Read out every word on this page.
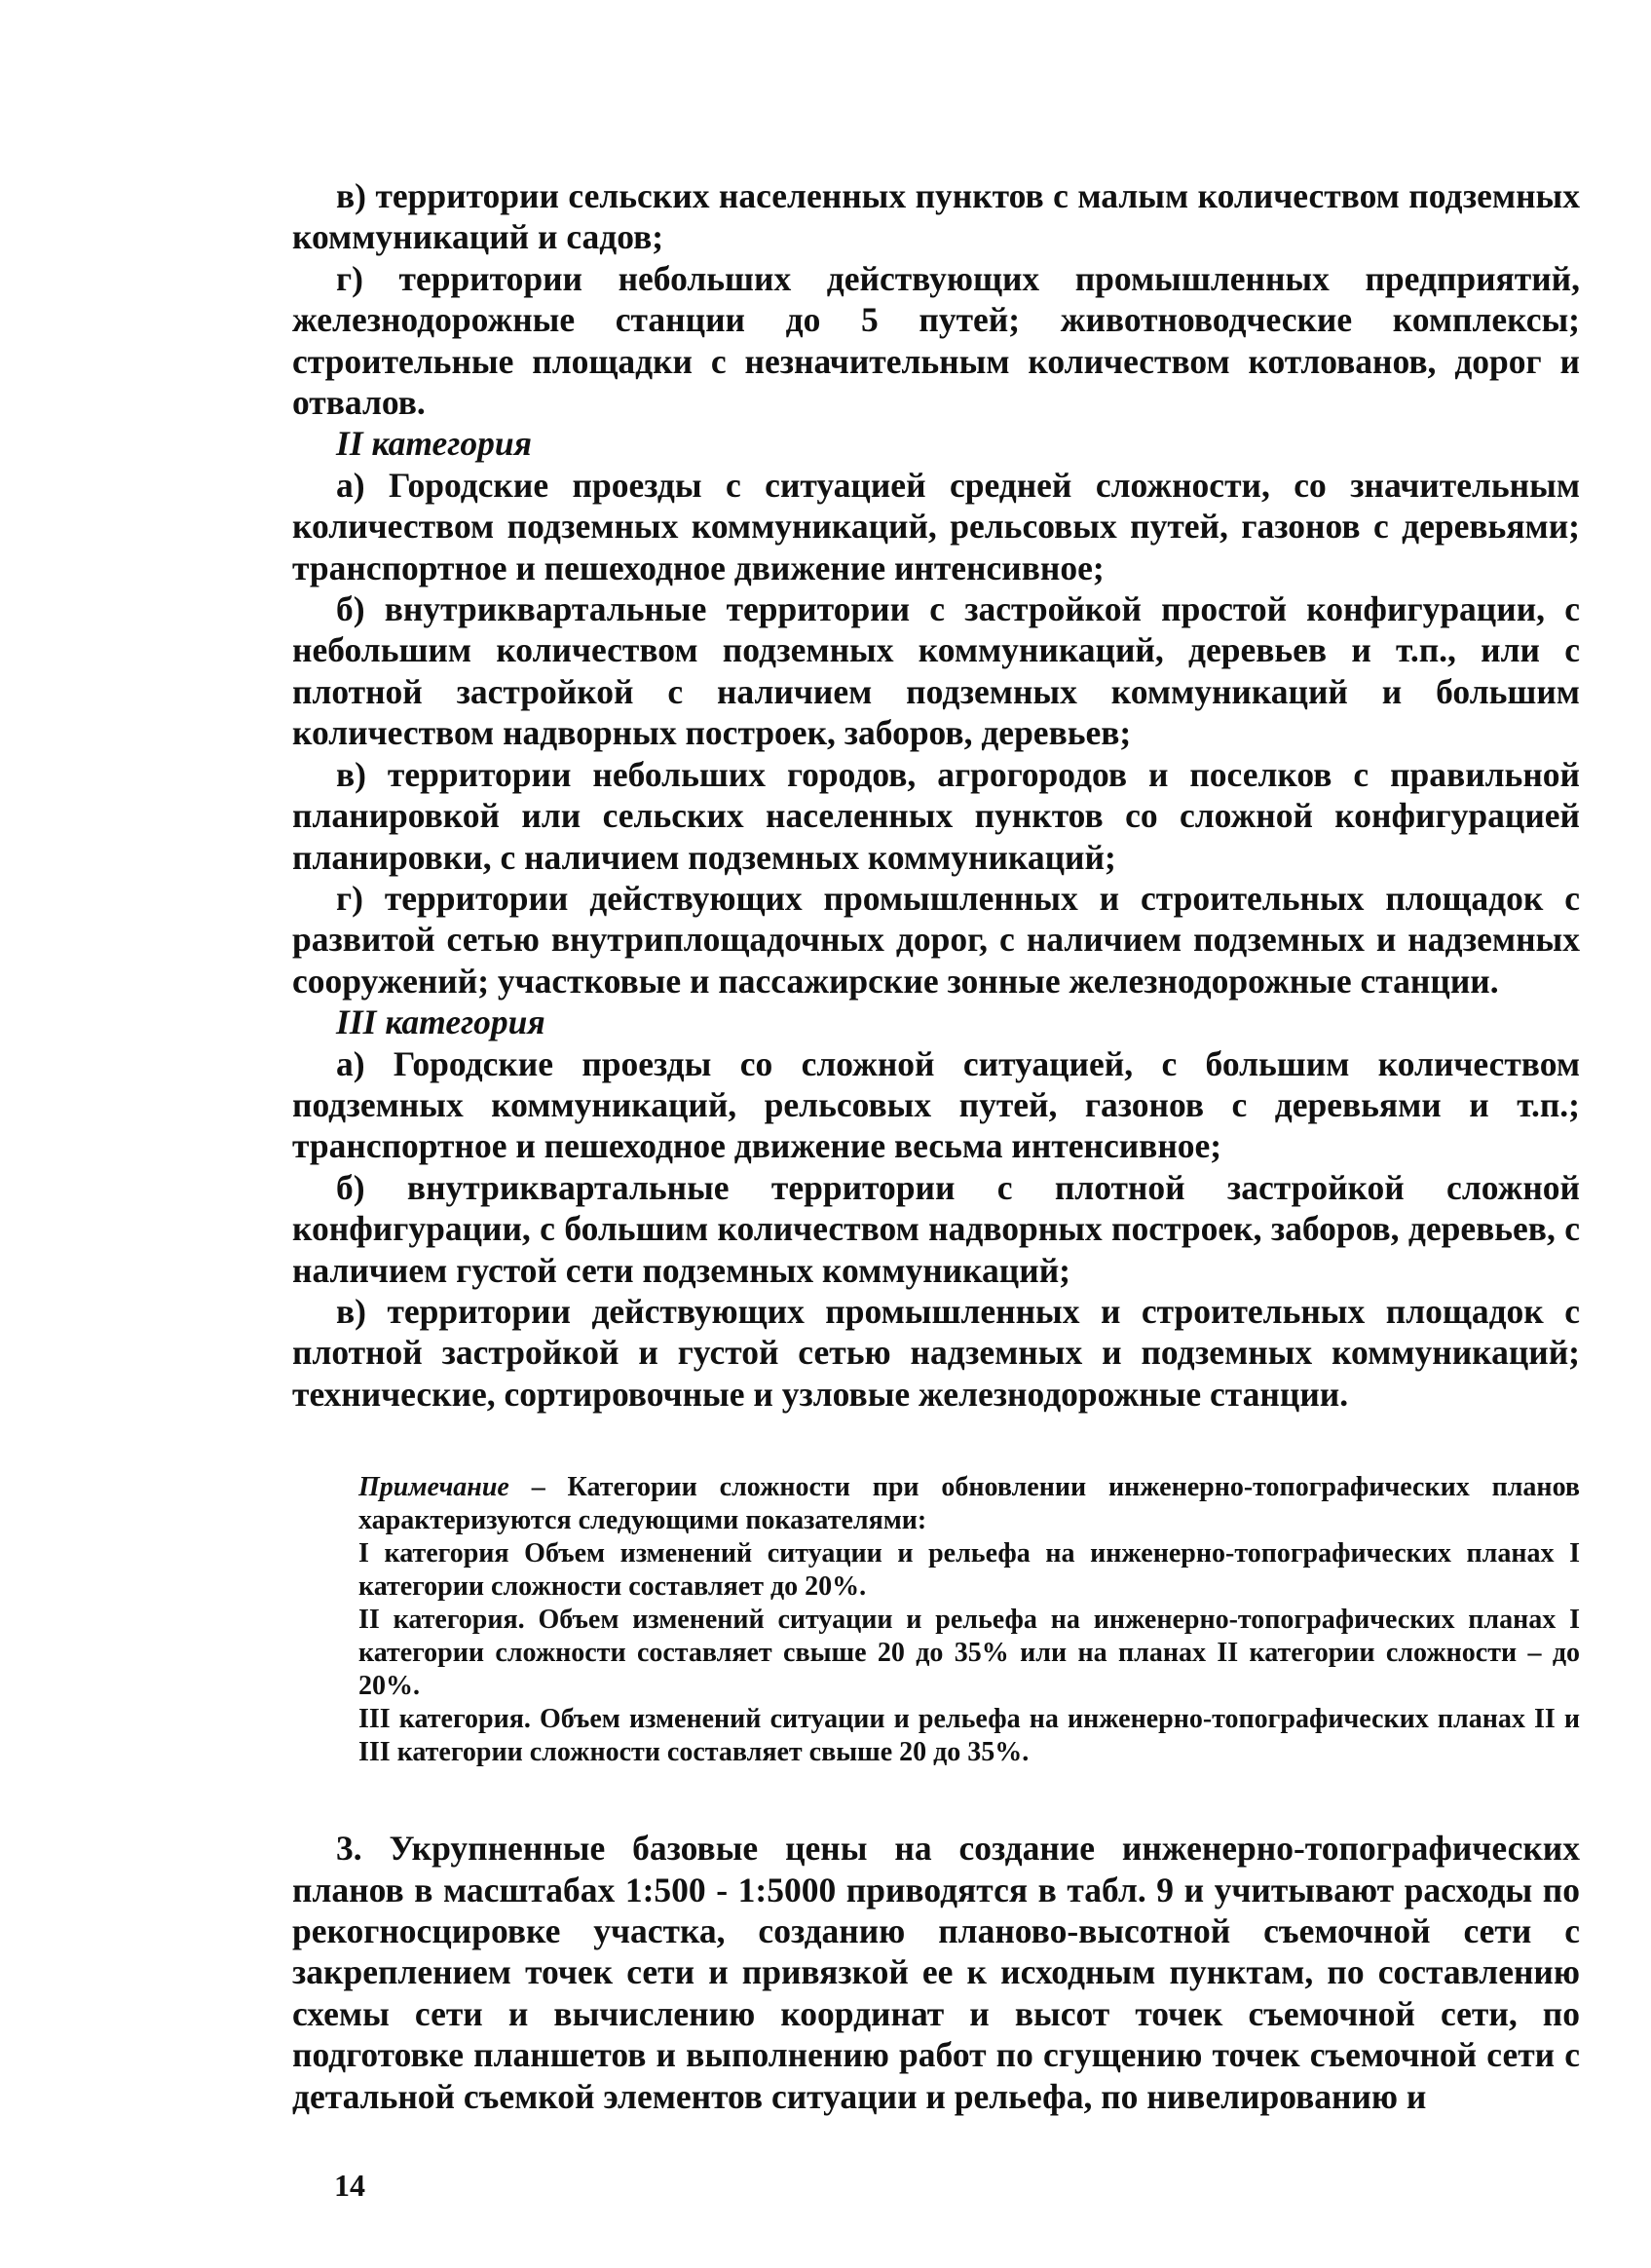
в) территории сельских населенных пунктов с малым количеством подземных коммуникаций и садов;

г) территории небольших действующих промышленных предприятий, железнодорожные станции до 5 путей; животноводческие комплексы; строительные площадки с незначительным количеством котлованов, дорог и отвалов.

II категория

а) Городские проезды с ситуацией средней сложности, со значительным количеством подземных коммуникаций, рельсовых путей, газонов с деревьями; транспортное и пешеходное движение интенсивное;

б) внутриквартальные территории с застройкой простой конфигурации, с небольшим количеством подземных коммуникаций, деревьев и т.п., или с плотной застройкой с наличием подземных коммуникаций и большим количеством надворных построек, заборов, деревьев;

в) территории небольших городов, агрогородов и поселков с правильной планировкой или сельских населенных пунктов со сложной конфигурацией планировки, с наличием подземных коммуникаций;

г) территории действующих промышленных и строительных площадок с развитой сетью внутриплощадочных дорог, с наличием подземных и надземных сооружений; участковые и пассажирские зонные железнодорожные станции.

III категория

а) Городские проезды со сложной ситуацией, с большим количеством подземных коммуникаций, рельсовых путей, газонов с деревьями и т.п.; транспортное и пешеходное движение весьма интенсивное;

б) внутриквартальные территории с плотной застройкой сложной конфигурации, с большим количеством надворных построек, заборов, деревьев, с наличием густой сети подземных коммуникаций;

в) территории действующих промышленных и строительных площадок с плотной застройкой и густой сетью надземных и подземных коммуникаций; технические, сортировочные и узловые железнодорожные станции.

Примечание – Категории сложности при обновлении инженерно-топографических планов характеризуются следующими показателями:

I категория Объем изменений ситуации и рельефа на инженерно-топографических планах I категории сложности составляет до 20%.

II категория. Объем изменений ситуации и рельефа на инженерно-топографических планах I категории сложности составляет свыше 20 до 35% или на планах II категории сложности – до 20%.

III категория. Объем изменений ситуации и рельефа на инженерно-топографических планах II и III категории сложности составляет свыше 20 до 35%.

3. Укрупненные базовые цены на создание инженерно-топографических планов в масштабах 1:500 - 1:5000 приводятся в табл. 9 и учитывают расходы по рекогносцировке участка, созданию планово-высотной съемочной сети с закреплением точек сети и привязкой ее к исходным пунктам, по составлению схемы сети и вычислению координат и высот точек съемочной сети, по подготовке планшетов и выполнению работ по сгущению точек съемочной сети с детальной съемкой элементов ситуации и рельефа, по нивелированию и

14
